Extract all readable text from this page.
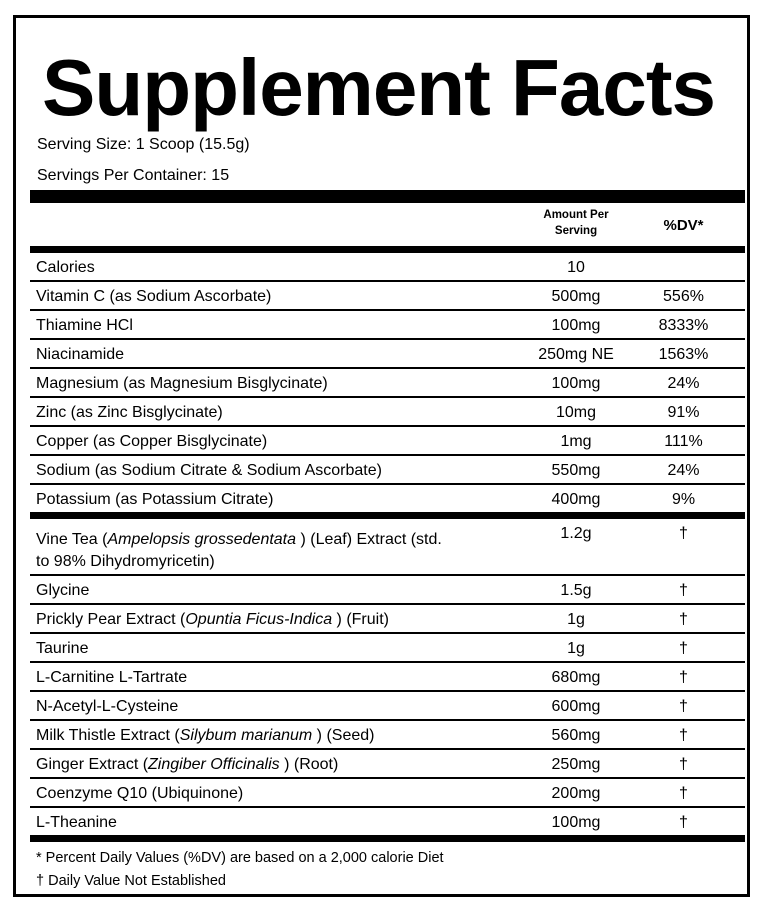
Supplement Facts
Serving Size: 1 Scoop (15.5g)
Servings Per Container: 15
Amount Per
Serving	%DV*
Calories	10
Vitamin C (as Sodium Ascorbate)	500mg	556%
Thiamine HCl	100mg	8333%
Niacinamide	250mg NE	1563%
Magnesium (as Magnesium Bisglycinate)	100mg	24%
Zinc (as Zinc Bisglycinate)	10mg	91%
Copper (as Copper Bisglycinate)	1mg	111%
Sodium (as Sodium Citrate & Sodium Ascorbate)	550mg	24%
Potassium (as Potassium Citrate)	400mg	9%
Vine Tea (Ampelopsis grossedentata ) (Leaf) Extract (std.
to 98% Dihydromyricetin)
1.2g	†
Glycine	1.5g	†
Prickly Pear Extract (Opuntia Ficus-Indica ) (Fruit)	1g	†
Taurine	1g	†
L-Carnitine L-Tartrate	680mg	†
N-Acetyl-L-Cysteine	600mg	†
Milk Thistle Extract (Silybum marianum ) (Seed)	560mg	†
Ginger Extract (Zingiber Officinalis ) (Root)	250mg	†
Coenzyme Q10 (Ubiquinone)	200mg	†
L-Theanine	100mg	†
* Percent Daily Values (%DV) are based on a 2,000 calorie Diet
† Daily Value Not Established
